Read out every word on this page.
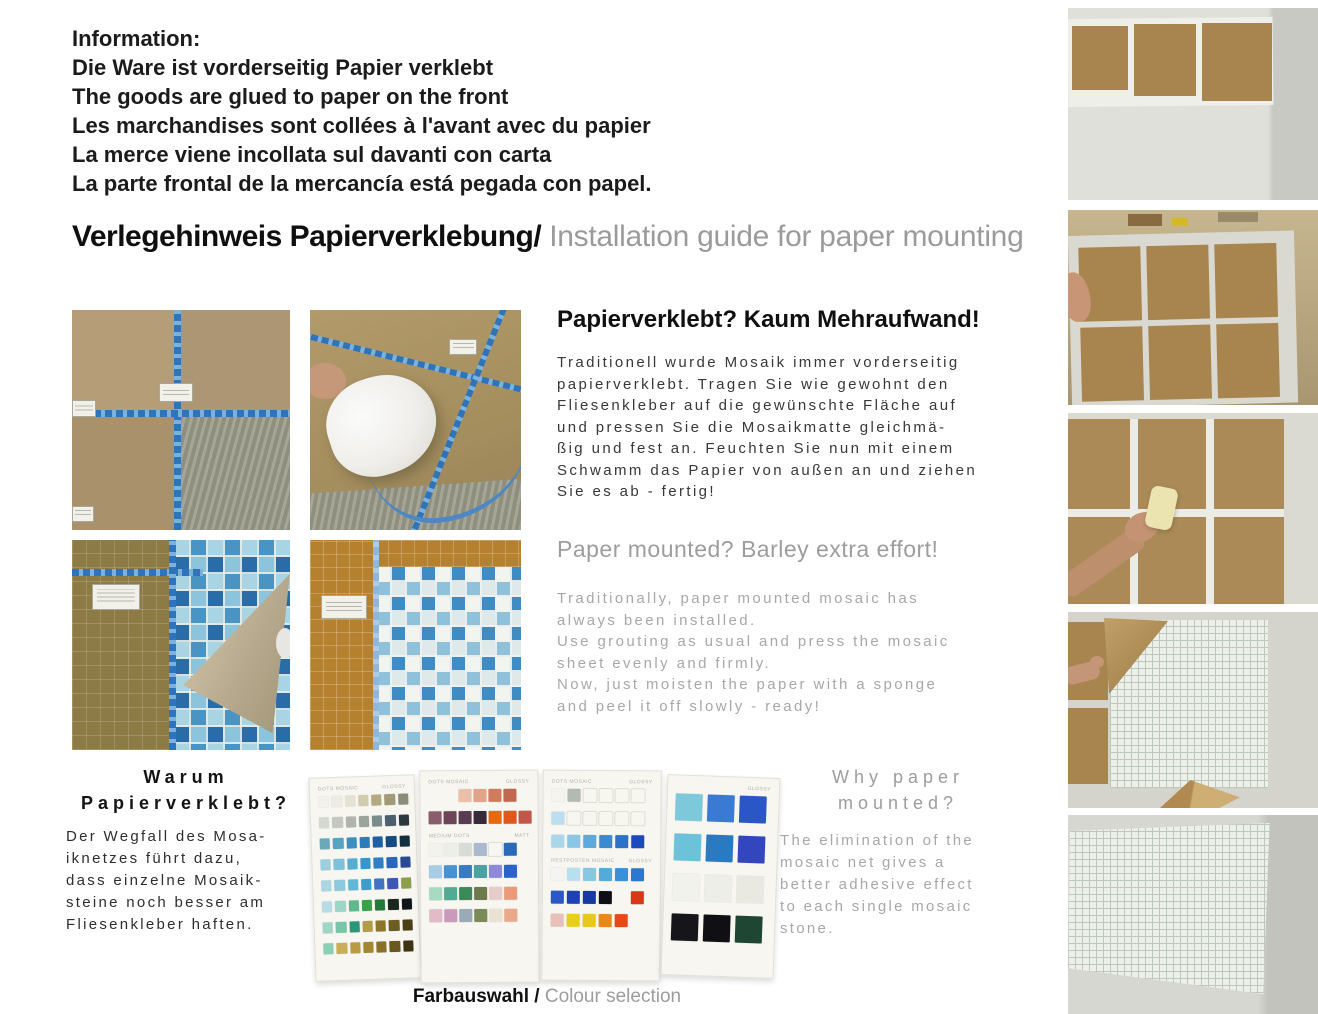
Information:
Die Ware ist vorderseitig Papier verklebt
The goods are glued to paper on the front
Les marchandises sont collées à l'avant avec du papier
La merce viene incollata sul davanti con carta
La parte frontal de la mercancía está pegada con papel.
Verlegehinweis Papierverklebung/ Installation guide for paper mounting
Papierverklebt? Kaum Mehraufwand!
Traditionell wurde Mosaik immer vorderseitig
papierverklebt. Tragen Sie wie gewohnt den
Fliesenkleber auf die gewünschte Fläche auf
und pressen Sie die Mosaikmatte gleichmä-
ßig und fest an. Feuchten Sie nun mit einem
Schwamm das Papier von außen an und ziehen
Sie es ab - fertig!
Paper mounted? Barley extra effort!
Traditionally, paper mounted mosaic has
always been installed.
Use grouting as usual and press the mosaic
sheet evenly and firmly.
Now, just moisten the paper with a sponge
and peel it off slowly - ready!
Warum
Papierverklebt?
Der Wegfall des Mosa-
iknetzes führt dazu,
dass einzelne Mosaik-
steine noch besser am
Fliesenkleber haften.
Why paper
mounted?
The elimination of the
mosaic net gives a
better adhesive effect
to each single mosaic
stone.
DOTS MOSAIC	GLOSSY
DOTS MOSAIC	GLOSSY
MEDIUM DOTS	MATT
DOTS MOSAIC	GLOSSY
RESTPOSTEN MOSAIC	GLOSSY
GLOSSY
Farbauswahl / Colour selection
